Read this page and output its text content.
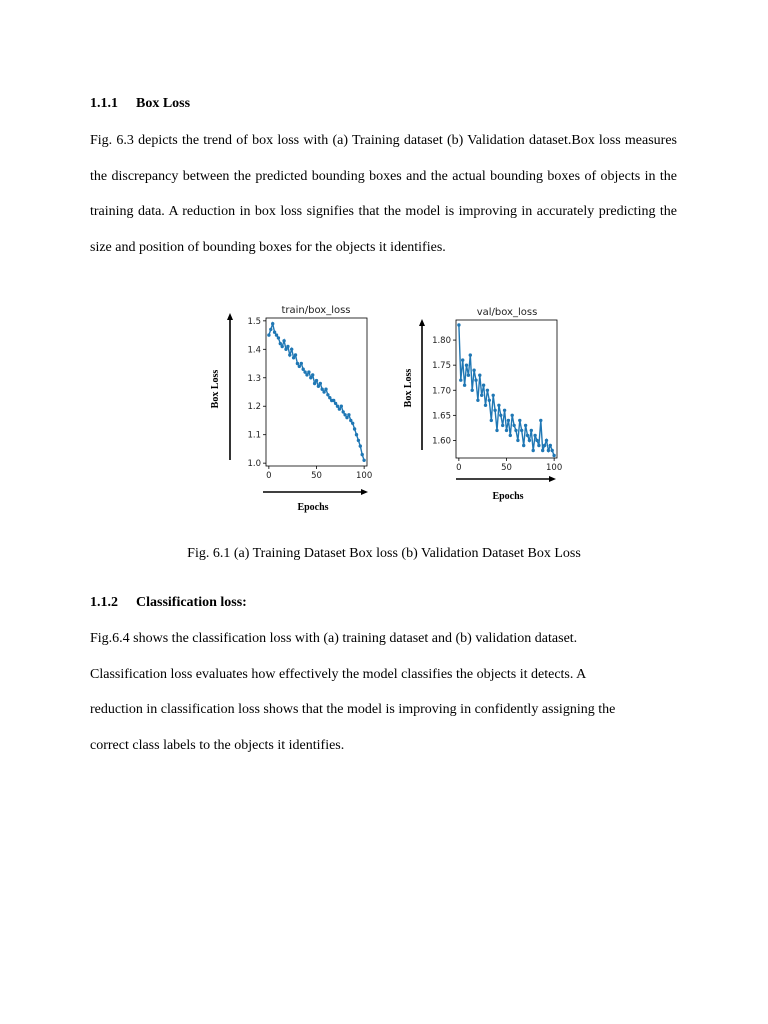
1.1.1 Box Loss
Fig. 6.3 depicts the trend of box loss with (a) Training dataset (b) Validation dataset.Box loss measures the discrepancy between the predicted bounding boxes and the actual bounding boxes of objects in the training data. A reduction in box loss signifies that the model is improving in accurately predicting the size and position of bounding boxes for the objects it identifies.
train/box_loss
1.0
1.1
1.2
1.3
1.4
1.5
0	50	100
Box Loss
Epochs
val/box_loss
1.60
1.65
1.70
1.75
1.80
0	50	100
Box Loss
Epochs
Fig. 6.1 (a) Training Dataset Box loss (b) Validation Dataset Box Loss
1.1.2 Classification loss:
Fig.6.4 shows the classification loss with (a) training dataset and (b) validation dataset.
Classification loss evaluates how effectively the model classifies the objects it detects. A
reduction in classification loss shows that the model is improving in confidently assigning the
correct class labels to the objects it identifies.
